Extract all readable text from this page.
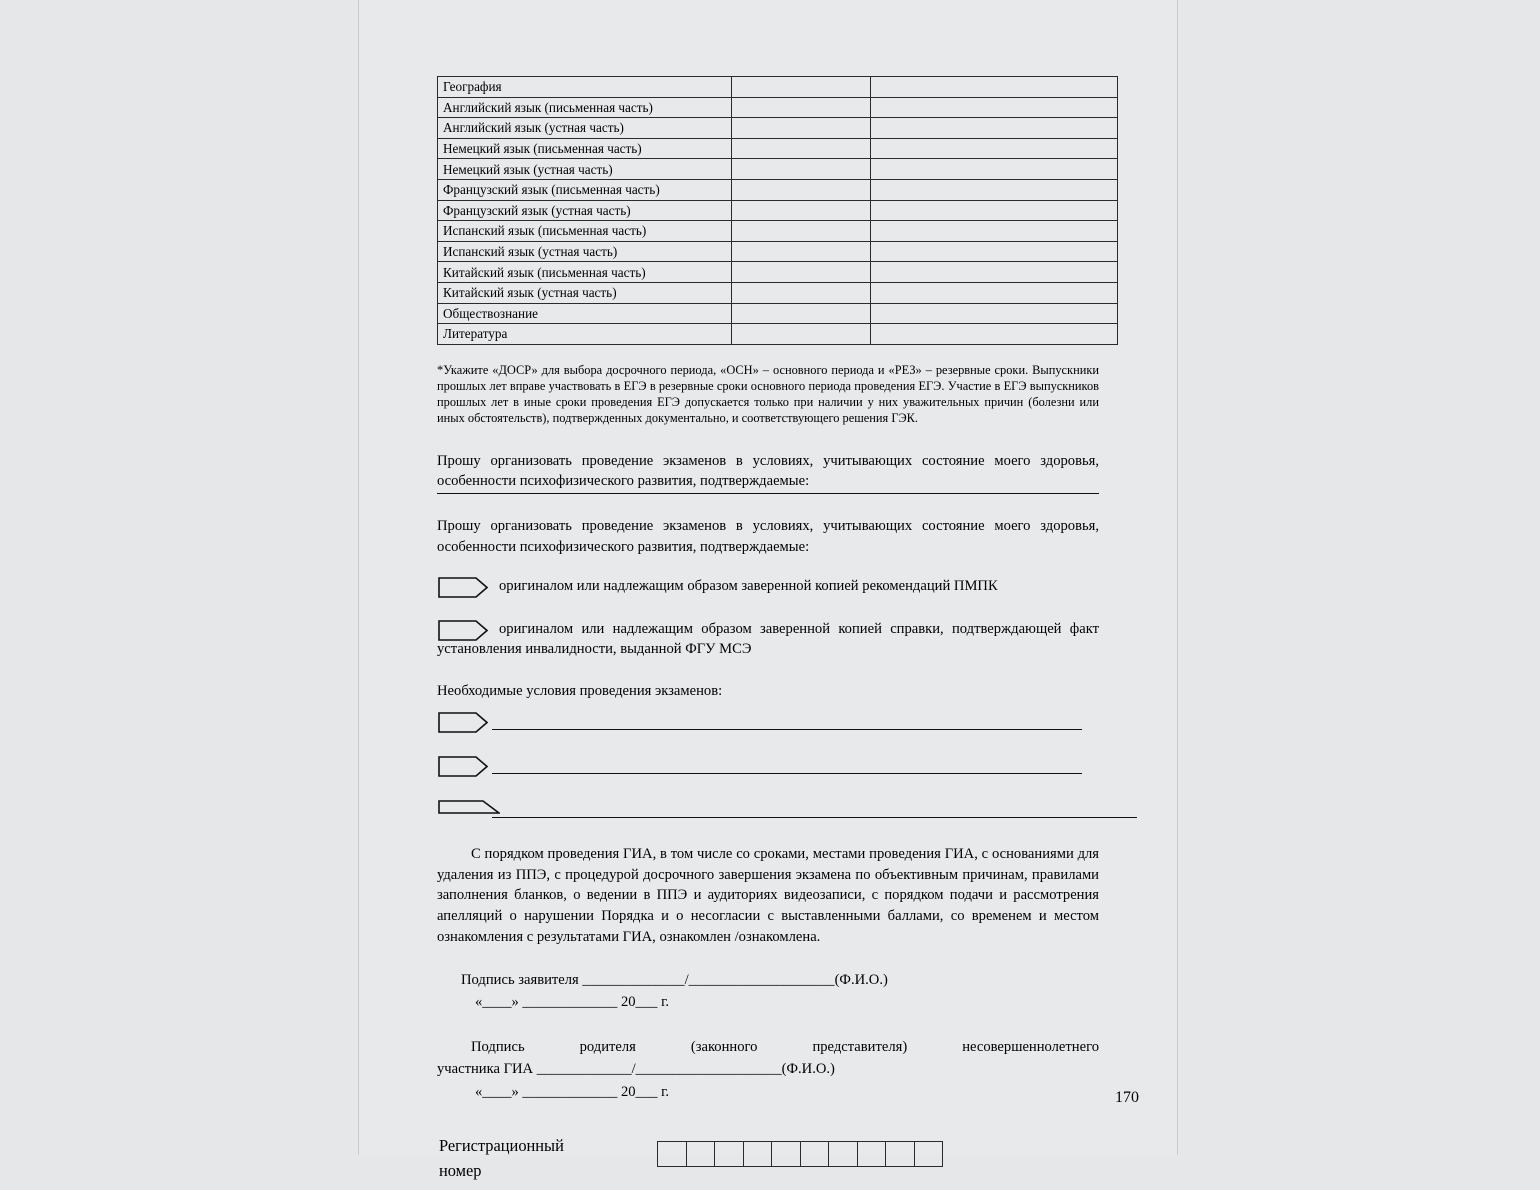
География		
Английский язык (письменная часть)		
Английский язык (устная часть)		
Немецкий язык (письменная часть)		
Немецкий язык (устная часть)		
Французский язык (письменная часть)		
Французский язык (устная часть)		
Испанский язык (письменная часть)		
Испанский язык (устная часть)		
Китайский язык (письменная часть)		
Китайский язык (устная часть)		
Обществознание		
Литература		
*Укажите «ДОСР» для выбора досрочного периода, «ОСН» – основного периода и «РЕЗ» – резервные сроки. Выпускники прошлых лет вправе участвовать в ЕГЭ в резервные сроки основного периода проведения ЕГЭ. Участие в ЕГЭ выпускников прошлых лет в иные сроки проведения ЕГЭ допускается только при наличии у них уважительных причин (болезни или иных обстоятельств), подтвержденных документально, и соответствующего решения ГЭК.
Прошу организовать проведение экзаменов в условиях, учитывающих состояние моего здоровья, особенности психофизического развития, подтверждаемые:
Прошу организовать проведение экзаменов в условиях, учитывающих состояние моего здоровья, особенности психофизического развития, подтверждаемые:
оригиналом или надлежащим образом заверенной копией рекомендаций ПМПК
оригиналом или надлежащим образом заверенной копией справки, подтверждающей факт установления инвалидности, выданной ФГУ МСЭ
Необходимые условия проведения экзаменов:
С порядком проведения ГИА, в том числе со сроками, местами проведения ГИА, с основаниями для удаления из ППЭ, с процедурой досрочного завершения экзамена по объективным причинам, правилами заполнения бланков, о ведении в ППЭ и аудиториях видеозаписи, с порядком подачи и рассмотрения апелляций о нарушении Порядка и о несогласии с выставленными баллами, со временем и местом ознакомления с результатами ГИА, ознакомлен /ознакомлена.
Подпись заявителя ______________/____________________(Ф.И.О.)
«____» _____________ 20___ г.
Подпись	родителя	(законного	представителя)	несовершеннолетнего
участника ГИА _____________/____________________(Ф.И.О.)
«____» _____________ 20___ г.
Регистрационный
номер
170
